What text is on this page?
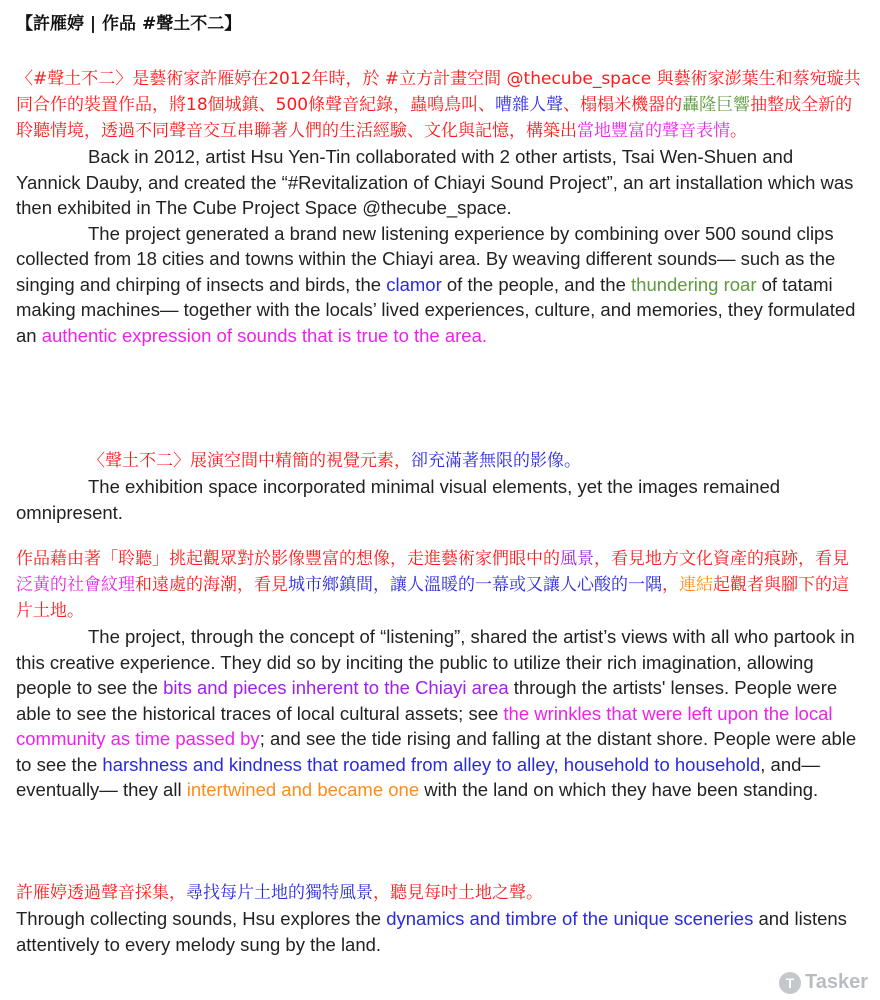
【許雁婷 | 作品 #聲土不二】
〈#聲土不二〉是藝術家許雁婷在2012年時，於 #立方計畫空間 @thecube_space 與藝術家澎葉生和蔡宛璇共同合作的裝置作品，將18個城鎮、500條聲音紀錄，蟲鳴鳥叫、嘈雜人聲、榻榻米機器的轟隆巨響抽整成全新的聆聽情境，透過不同聲音交互串聯著人們的生活經驗、文化與記憶，構築出當地豐富的聲音表情。
Back in 2012, artist Hsu Yen-Tin collaborated with 2 other artists, Tsai Wen-Shuen and Yannick Dauby, and created the “#Revitalization of Chiayi Sound Project”, an art installation which was then exhibited in The Cube Project Space @thecube_space.
The project generated a brand new listening experience by combining over 500 sound clips collected from 18 cities and towns within the Chiayi area. By weaving different sounds— such as the singing and chirping of insects and birds, the clamor of the people, and the thundering roar of tatami making machines— together with the locals’ lived experiences, culture, and memories, they formulated an authentic expression of sounds that is true to the area.
〈聲土不二〉展演空間中精簡的視覺元素，卻充滿著無限的影像。
The exhibition space incorporated minimal visual elements, yet the images remained omnipresent.
作品藉由著「聆聽」挑起觀眾對於影像豐富的想像，走進藝術家們眼中的風景，看見地方文化資產的痕跡，看見泛黃的社會紋理和遠處的海潮，看見城市鄉鎮間，讓人溫暖的一幕或又讓人心酸的一隅，連結起觀者與腳下的這片土地。
The project, through the concept of “listening”, shared the artist’s views with all who partook in this creative experience. They did so by inciting the public to utilize their rich imagination, allowing people to see the bits and pieces inherent to the Chiayi area through the artists' lenses. People were able to see the historical traces of local cultural assets; see the wrinkles that were left upon the local community as time passed by; and see the tide rising and falling at the distant shore. People were able to see the harshness and kindness that roamed from alley to alley, household to household, and— eventually— they all intertwined and became one with the land on which they have been standing.
許雁婷透過聲音採集，尋找每片土地的獨特風景，聽見每吋土地之聲。
Through collecting sounds, Hsu explores the dynamics and timbre of the unique sceneries and listens attentively to every melody sung by the land.
T Tasker
